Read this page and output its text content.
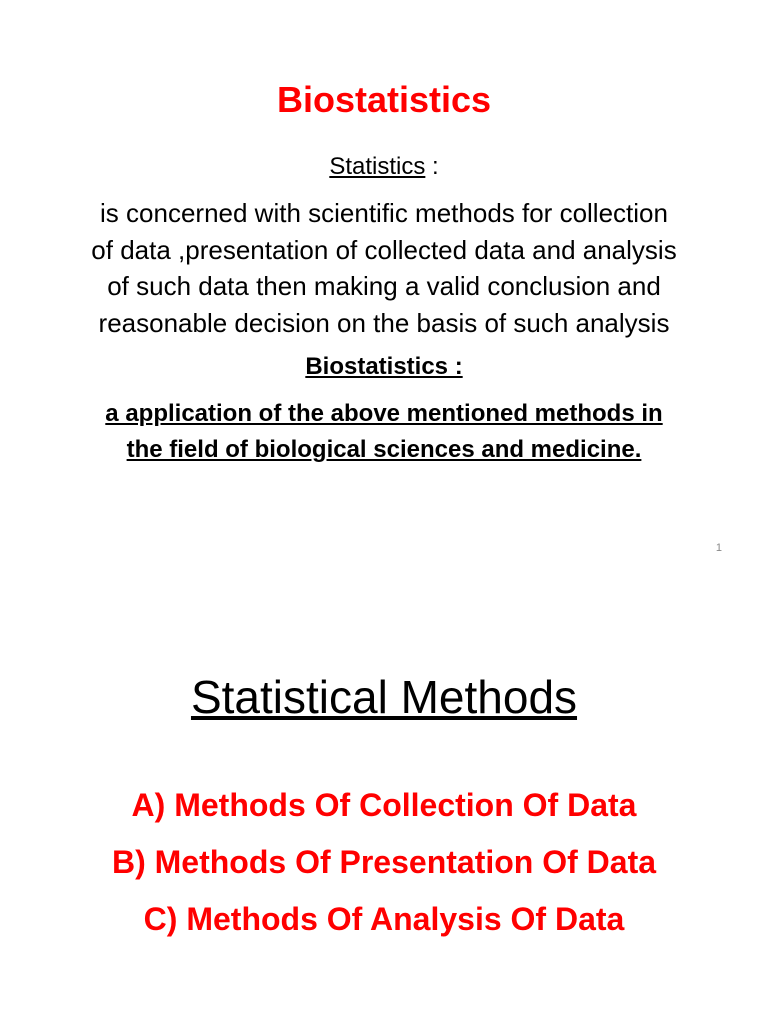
Biostatistics
Statistics :
is concerned with scientific methods for collection
of data ,presentation of collected data and analysis
of such data then making a valid conclusion and
reasonable decision on the basis of such analysis
Biostatistics :
a application of the above mentioned methods in
the field of biological sciences and medicine.
1
Statistical Methods
A) Methods Of Collection Of Data
B) Methods Of Presentation Of Data
C) Methods Of Analysis Of Data
